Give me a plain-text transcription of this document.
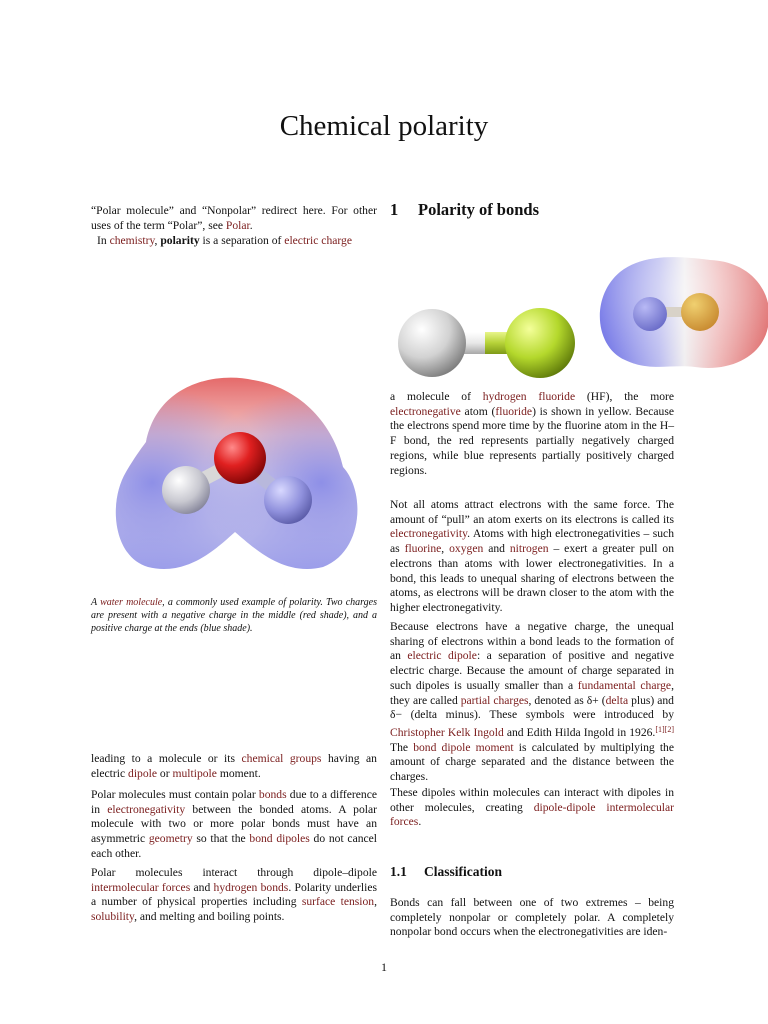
Chemical polarity

“Polar molecule” and “Nonpolar” redirect here. For other uses of the term “Polar”, see Polar.

In chemistry, polarity is a separation of electric charge

A water molecule, a commonly used example of polarity. Two charges are present with a negative charge in the middle (red shade), and a positive charge at the ends (blue shade).

leading to a molecule or its chemical groups having an electric dipole or multipole moment.

Polar molecules must contain polar bonds due to a difference in electronegativity between the bonded atoms. A polar molecule with two or more polar bonds must have an asymmetric geometry so that the bond dipoles do not cancel each other.

Polar molecules interact through dipole–dipole intermolecular forces and hydrogen bonds. Polarity underlies a number of physical properties including surface tension, solubility, and melting and boiling points.

1 Polarity of bonds

a molecule of hydrogen fluoride (HF), the more electronegative atom (fluoride) is shown in yellow. Because the electrons spend more time by the fluorine atom in the H–F bond, the red represents partially negatively charged regions, while blue represents partially positively charged regions.

Not all atoms attract electrons with the same force. The amount of “pull” an atom exerts on its electrons is called its electronegativity. Atoms with high electronegativities – such as fluorine, oxygen and nitrogen – exert a greater pull on electrons than atoms with lower electronegativities. In a bond, this leads to unequal sharing of electrons between the atoms, as electrons will be drawn closer to the atom with the higher electronegativity.

Because electrons have a negative charge, the unequal sharing of electrons within a bond leads to the formation of an electric dipole: a separation of positive and negative electric charge. Because the amount of charge separated in such dipoles is usually smaller than a fundamental charge, they are called partial charges, denoted as δ+ (delta plus) and δ− (delta minus). These symbols were introduced by Christopher Kelk Ingold and Edith Hilda Ingold in 1926.[1][2] The bond dipole moment is calculated by multiplying the amount of charge separated and the distance between the charges.

These dipoles within molecules can interact with dipoles in other molecules, creating dipole-dipole intermolecular forces.

1.1 Classification

Bonds can fall between one of two extremes – being completely nonpolar or completely polar. A completely nonpolar bond occurs when the electronegativities are iden-

1
